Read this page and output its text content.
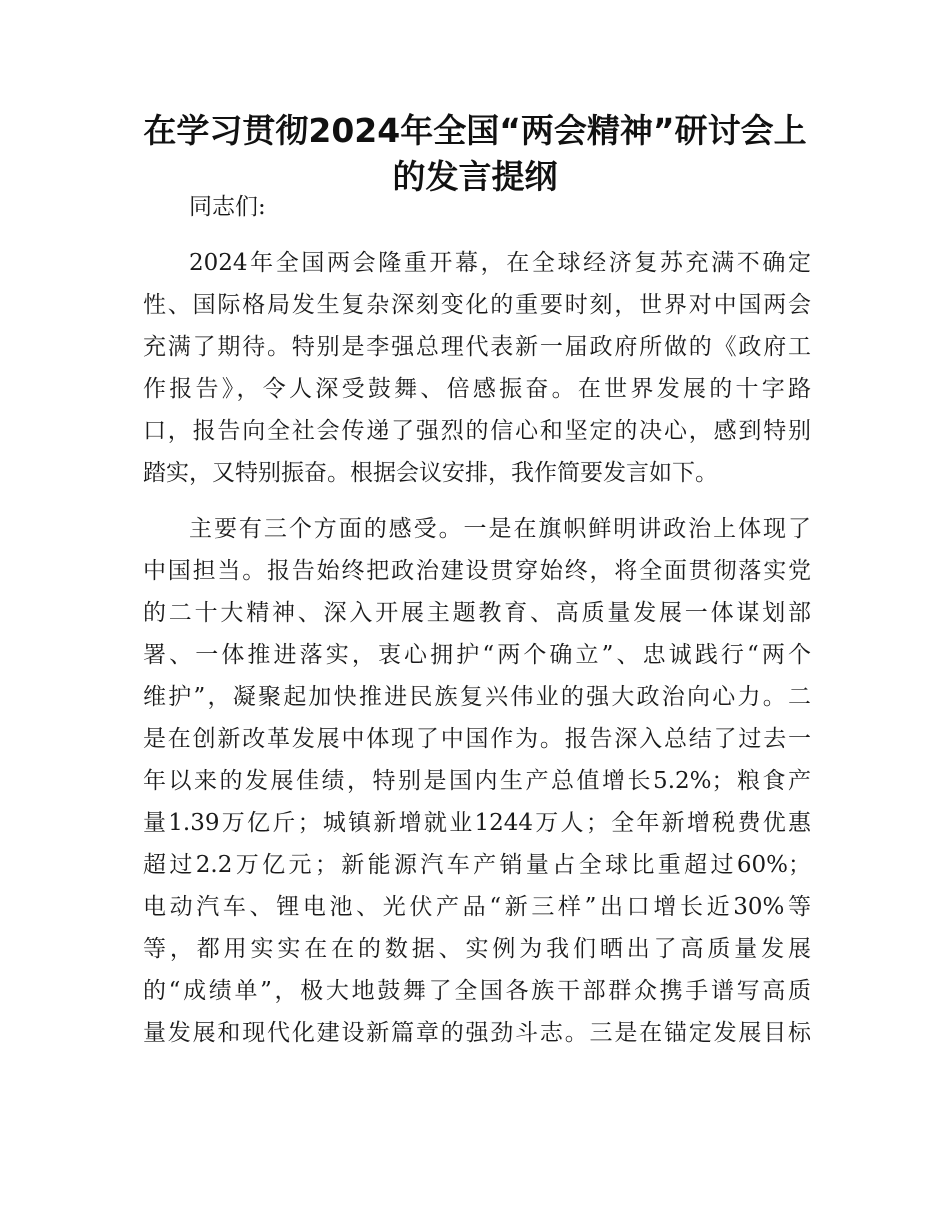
在学习贯彻2024年全国“两会精神”研讨会上
的发言提纲
同志们:
2024年全国两会隆重开幕，在全球经济复苏充满不确定
性、国际格局发生复杂深刻变化的重要时刻，世界对中国两会
充满了期待。特别是李强总理代表新一届政府所做的《政府工
作报告》，令人深受鼓舞、倍感振奋。在世界发展的十字路
口，报告向全社会传递了强烈的信心和坚定的决心，感到特别
踏实，又特别振奋。根据会议安排，我作简要发言如下。
主要有三个方面的感受。一是在旗帜鲜明讲政治上体现了
中国担当。报告始终把政治建设贯穿始终，将全面贯彻落实党
的二十大精神、深入开展主题教育、高质量发展一体谋划部
署、一体推进落实，衷心拥护“两个确立”、忠诚践行“两个
维护”，凝聚起加快推进民族复兴伟业的强大政治向心力。二
是在创新改革发展中体现了中国作为。报告深入总结了过去一
年以来的发展佳绩，特别是国内生产总值增长5.2%；粮食产
量1.39万亿斤；城镇新增就业1244万人；全年新增税费优惠
超过2.2万亿元；新能源汽车产销量占全球比重超过60%；
电动汽车、锂电池、光伏产品“新三样”出口增长近30%等
等，都用实实在在的数据、实例为我们晒出了高质量发展
的“成绩单”，极大地鼓舞了全国各族干部群众携手谱写高质
量发展和现代化建设新篇章的强劲斗志。三是在锚定发展目标
